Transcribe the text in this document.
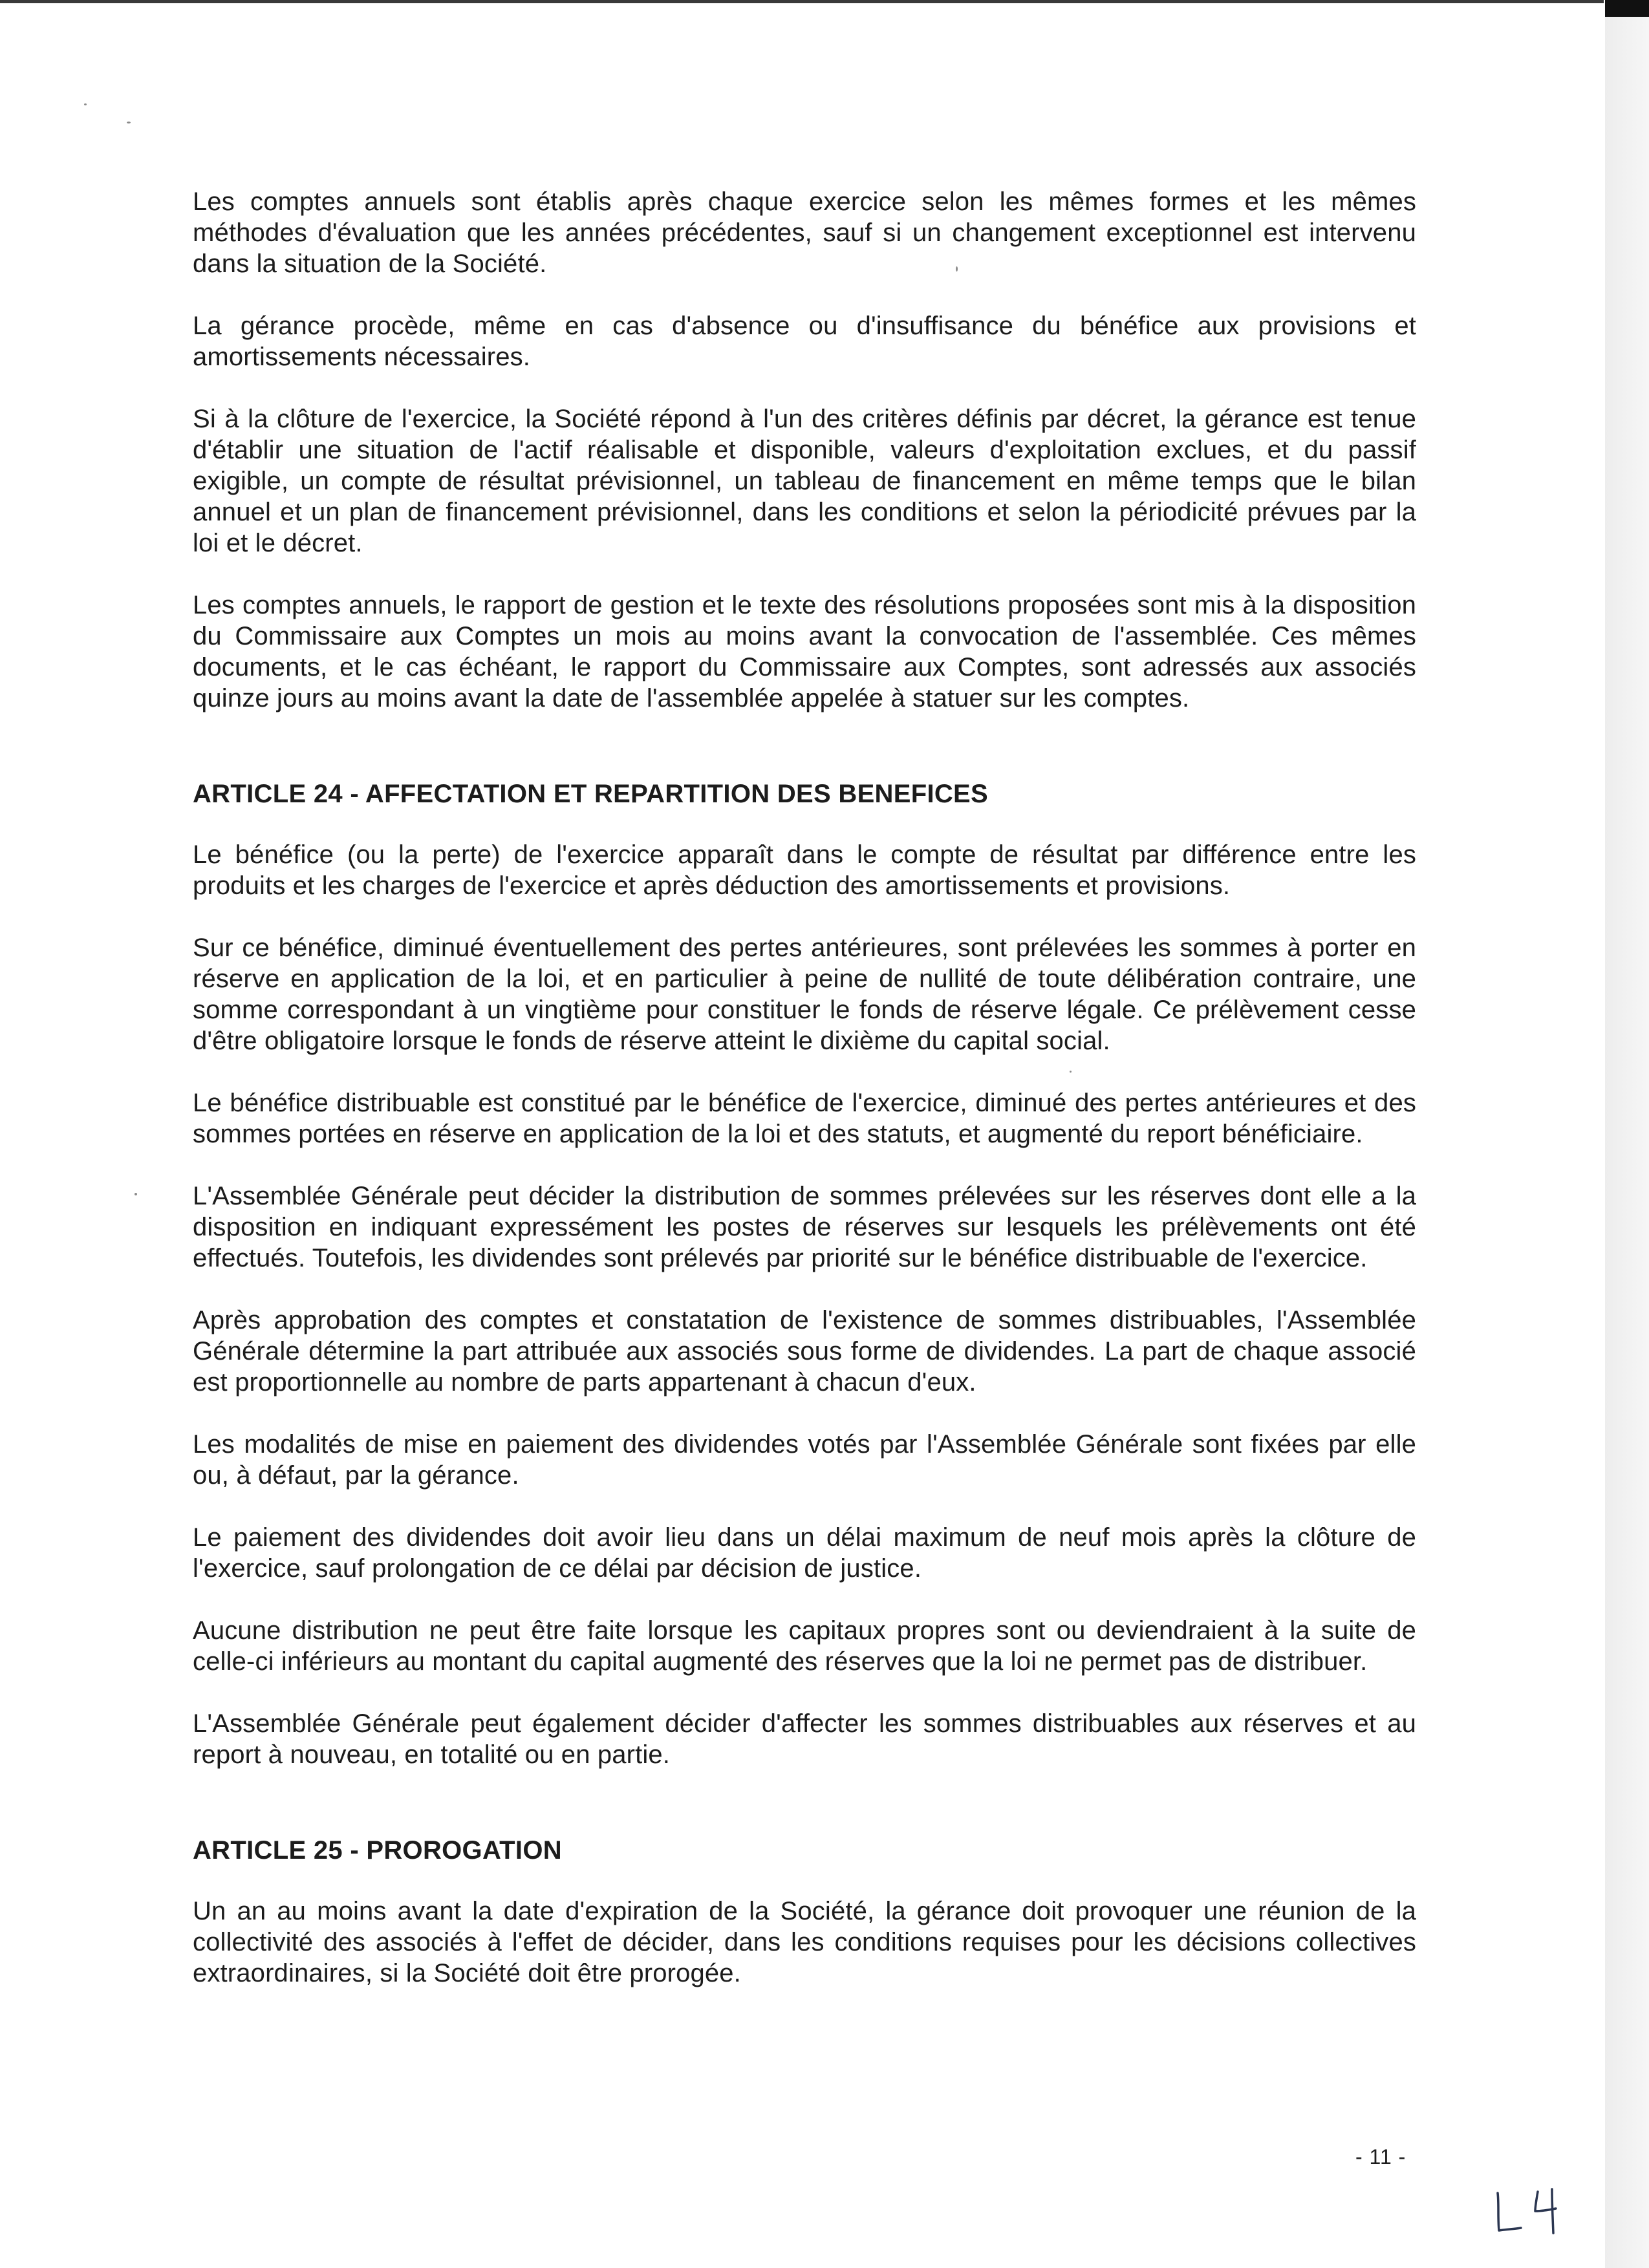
Les comptes annuels sont établis après chaque exercice selon les mêmes formes et les mêmes méthodes d'évaluation que les années précédentes, sauf si un changement exceptionnel est intervenu dans la situation de la Société.

La gérance procède, même en cas d'absence ou d'insuffisance du bénéfice aux provisions et amortissements nécessaires.

Si à la clôture de l'exercice, la Société répond à l'un des critères définis par décret, la gérance est tenue d'établir une situation de l'actif réalisable et disponible, valeurs d'exploitation exclues, et du passif exigible, un compte de résultat prévisionnel, un tableau de financement en même temps que le bilan annuel et un plan de financement prévisionnel, dans les conditions et selon la périodicité prévues par la loi et le décret.

Les comptes annuels, le rapport de gestion et le texte des résolutions proposées sont mis à la disposition du Commissaire aux Comptes un mois au moins avant la convocation de l'assemblée. Ces mêmes documents, et le cas échéant, le rapport du Commissaire aux Comptes, sont adressés aux associés quinze jours au moins avant la date de l'assemblée appelée à statuer sur les comptes.

ARTICLE 24 - AFFECTATION ET REPARTITION DES BENEFICES

Le bénéfice (ou la perte) de l'exercice apparaît dans le compte de résultat par différence entre les produits et les charges de l'exercice et après déduction des amortissements et provisions.

Sur ce bénéfice, diminué éventuellement des pertes antérieures, sont prélevées les sommes à porter en réserve en application de la loi, et en particulier à peine de nullité de toute délibération contraire, une somme correspondant à un vingtième pour constituer le fonds de réserve légale. Ce prélèvement cesse d'être obligatoire lorsque le fonds de réserve atteint le dixième du capital social.

Le bénéfice distribuable est constitué par le bénéfice de l'exercice, diminué des pertes antérieures et des sommes portées en réserve en application de la loi et des statuts, et augmenté du report bénéficiaire.

L'Assemblée Générale peut décider la distribution de sommes prélevées sur les réserves dont elle a la disposition en indiquant expressément les postes de réserves sur lesquels les prélèvements ont été effectués. Toutefois, les dividendes sont prélevés par priorité sur le bénéfice distribuable de l'exercice.

Après approbation des comptes et constatation de l'existence de sommes distribuables, l'Assemblée Générale détermine la part attribuée aux associés sous forme de dividendes. La part de chaque associé est proportionnelle au nombre de parts appartenant à chacun d'eux.

Les modalités de mise en paiement des dividendes votés par l'Assemblée Générale sont fixées par elle ou, à défaut, par la gérance.

Le paiement des dividendes doit avoir lieu dans un délai maximum de neuf mois après la clôture de l'exercice, sauf prolongation de ce délai par décision de justice.

Aucune distribution ne peut être faite lorsque les capitaux propres sont ou deviendraient à la suite de celle-ci inférieurs au montant du capital augmenté des réserves que la loi ne permet pas de distribuer.

L'Assemblée Générale peut également décider d'affecter les sommes distribuables aux réserves et au report à nouveau, en totalité ou en partie.

ARTICLE 25 - PROROGATION

Un an au moins avant la date d'expiration de la Société, la gérance doit provoquer une réunion de la collectivité des associés à l'effet de décider, dans les conditions requises pour les décisions collectives extraordinaires, si la Société doit être prorogée.

- 11 -
